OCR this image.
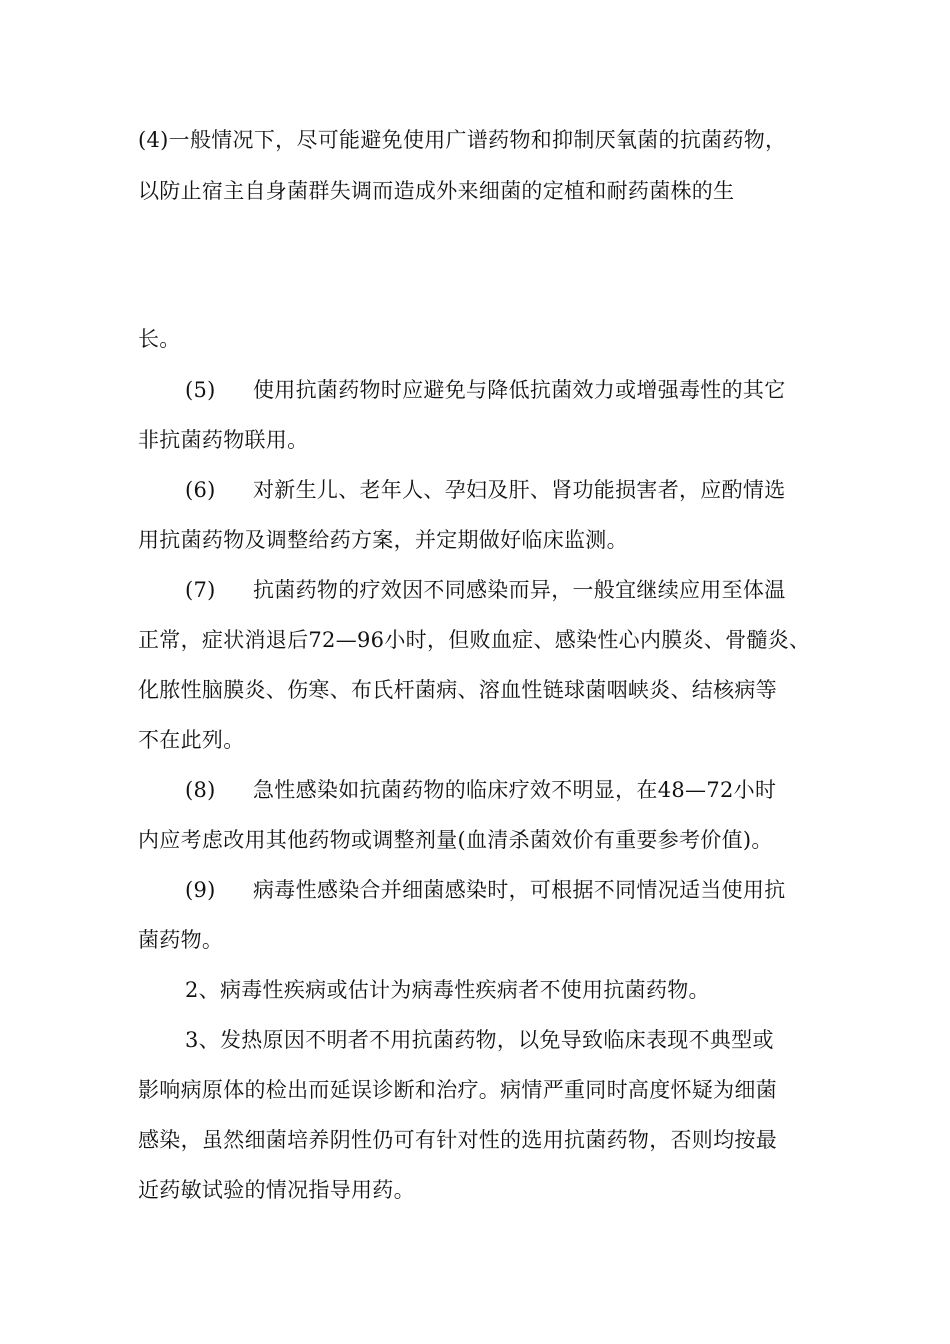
(4)一般情况下，尽可能避免使用广谱药物和抑制厌氧菌的抗菌药物，
以防止宿主自身菌群失调而造成外来细菌的定植和耐药菌株的生
长。
(5) 使用抗菌药物时应避免与降低抗菌效力或增强毒性的其它
非抗菌药物联用。
(6) 对新生儿、老年人、孕妇及肝、肾功能损害者，应酌情选
用抗菌药物及调整给药方案，并定期做好临床监测。
(7) 抗菌药物的疗效因不同感染而异，一般宜继续应用至体温
正常，症状消退后72—96小时，但败血症、感染性心内膜炎、骨髓炎、
化脓性脑膜炎、伤寒、布氏杆菌病、溶血性链球菌咽峡炎、结核病等
不在此列。
(8) 急性感染如抗菌药物的临床疗效不明显，在48—72小时
内应考虑改用其他药物或调整剂量(血清杀菌效价有重要参考价值)。
(9) 病毒性感染合并细菌感染时，可根据不同情况适当使用抗
菌药物。
2、病毒性疾病或估计为病毒性疾病者不使用抗菌药物。
3、发热原因不明者不用抗菌药物，以免导致临床表现不典型或
影响病原体的检出而延误诊断和治疗。病情严重同时高度怀疑为细菌
感染，虽然细菌培养阴性仍可有针对性的选用抗菌药物，否则均按最
近药敏试验的情况指导用药。
